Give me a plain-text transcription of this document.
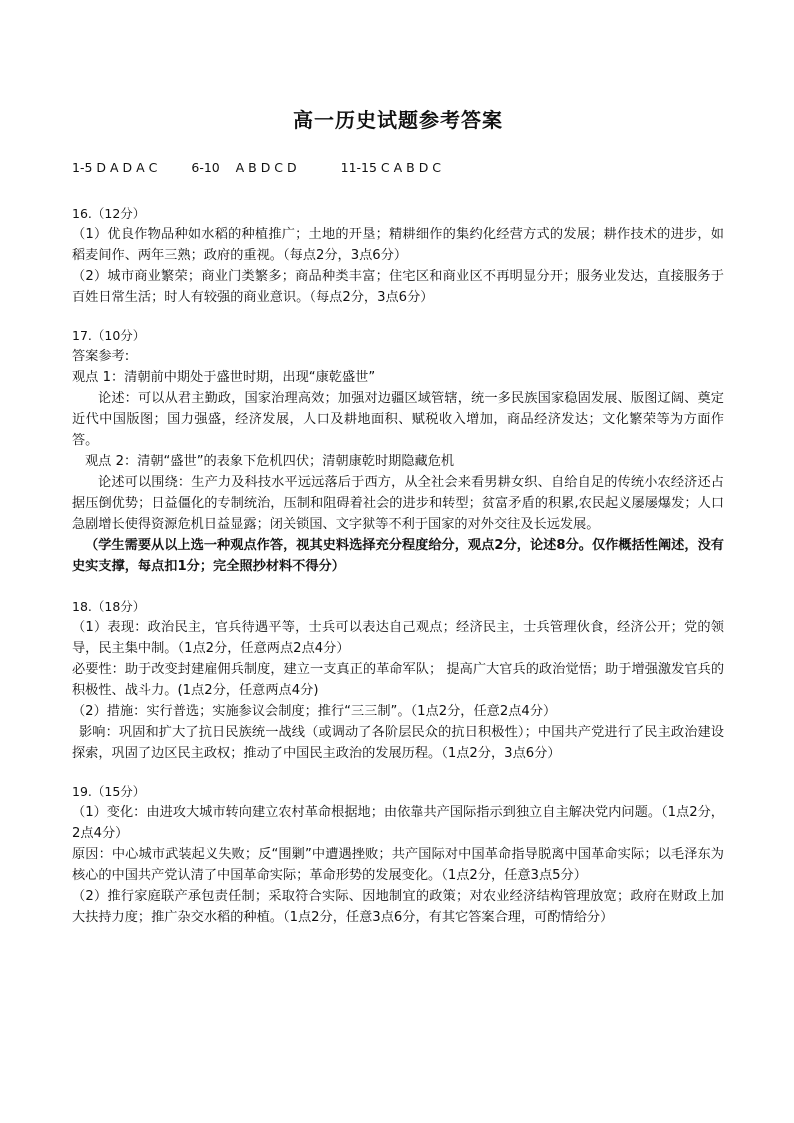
高一历史试题参考答案
1-5 D A D A C	6-10    A B D C D	11-15 C A B D C

16.（12分）

（1）优良作物品种如水稻的种植推广；土地的开垦；精耕细作的集约化经营方式的发展；耕作技术的进步，如稻麦间作、两年三熟；政府的重视。（每点2分，3点6分）

（2）城市商业繁荣；商业门类繁多；商品种类丰富；住宅区和商业区不再明显分开；服务业发达，直接服务于百姓日常生活；时人有较强的商业意识。（每点2分，3点6分）

17.（10分）

答案参考:

观点 1：清朝前中期处于盛世时期，出现“康乾盛世”

论述：可以从君主勤政，国家治理高效；加强对边疆区域管辖，统一多民族国家稳固发展、版图辽阔、奠定近代中国版图；国力强盛，经济发展，人口及耕地面积、赋税收入增加，商品经济发达；文化繁荣等为方面作答。

观点 2：清朝“盛世”的表象下危机四伏；清朝康乾时期隐藏危机

论述可以围绕：生产力及科技水平远远落后于西方，从全社会来看男耕女织、自给自足的传统小农经济还占据压倒优势；日益僵化的专制统治，压制和阻碍着社会的进步和转型；贫富矛盾的积累,农民起义屡屡爆发；人口急剧增长使得资源危机日益显露；闭关锁国、文字狱等不利于国家的对外交往及长远发展。

（学生需要从以上选一种观点作答，视其史料选择充分程度给分，观点2分，论述8分。仅作概括性阐述，没有史实支撑，每点扣1分；完全照抄材料不得分）

18.（18分）

（1）表现：政治民主，官兵待遇平等，士兵可以表达自己观点；经济民主，士兵管理伙食，经济公开；党的领导，民主集中制。（1点2分，任意两点2点4分）

必要性：助于改变封建雇佣兵制度，建立一支真正的革命军队； 提高广大官兵的政治觉悟；助于增强激发官兵的积极性、战斗力。(1点2分，任意两点4分)

（2）措施：实行普选；实施参议会制度；推行“三三制”。（1点2分，任意2点4分）

影响：巩固和扩大了抗日民族统一战线（或调动了各阶层民众的抗日积极性）；中国共产党进行了民主政治建设探索，巩固了边区民主政权；推动了中国民主政治的发展历程。（1点2分，3点6分）

19.（15分）

（1）变化：由进攻大城市转向建立农村革命根据地；由依靠共产国际指示到独立自主解决党内问题。（1点2分，2点4分）

原因：中心城市武装起义失败；反“围剿”中遭遇挫败；共产国际对中国革命指导脱离中国革命实际；以毛泽东为核心的中国共产党认清了中国革命实际；革命形势的发展变化。（1点2分，任意3点5分）

（2）推行家庭联产承包责任制；采取符合实际、因地制宜的政策；对农业经济结构管理放宽；政府在财政上加大扶持力度；推广杂交水稻的种植。（1点2分，任意3点6分，有其它答案合理，可酌情给分）
